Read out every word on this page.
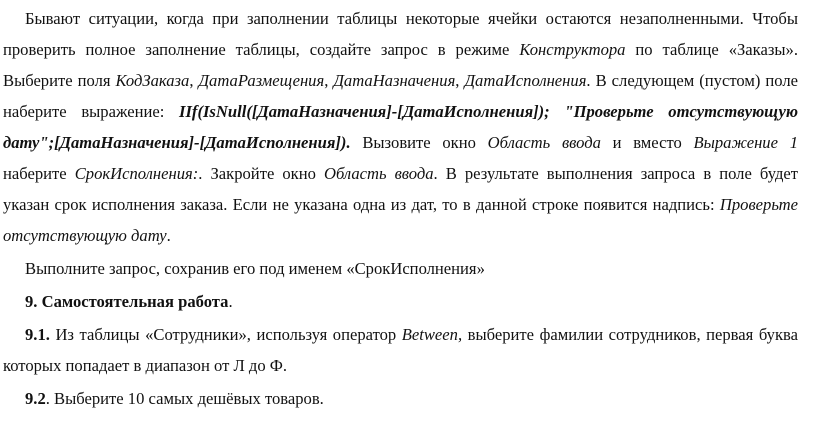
Бывают ситуации, когда при заполнении таблицы некоторые ячейки остаются незаполненными. Чтобы проверить полное заполнение таблицы, создайте запрос в режиме Конструктора по таблице «Заказы». Выберите поля КодЗаказа, ДатаРазмещения, ДатаНазначения, ДатаИсполнения. В следующем (пустом) поле наберите выражение: IIf(IsNull([ДатаНазначения]-[ДатаИсполнения]); "Проверьте отсутствующую дату";[ДатаНазначения]-[ДатаИсполнения]). Вызовите окно Область ввода и вместо Выражение 1 наберите СрокИсполнения:. Закройте окно Область ввода. В результате выполнения запроса в поле будет указан срок исполнения заказа. Если не указана одна из дат, то в данной строке появится надпись: Проверьте отсутствующую дату.

Выполните запрос, сохранив его под именем «СрокИсполнения»

9. Самостоятельная работа.

9.1. Из таблицы «Сотрудники», используя оператор Between, выберите фамилии сотрудников, первая буква которых попадает в диапазон от Л до Ф.

9.2. Выберите 10 самых дешёвых товаров.
